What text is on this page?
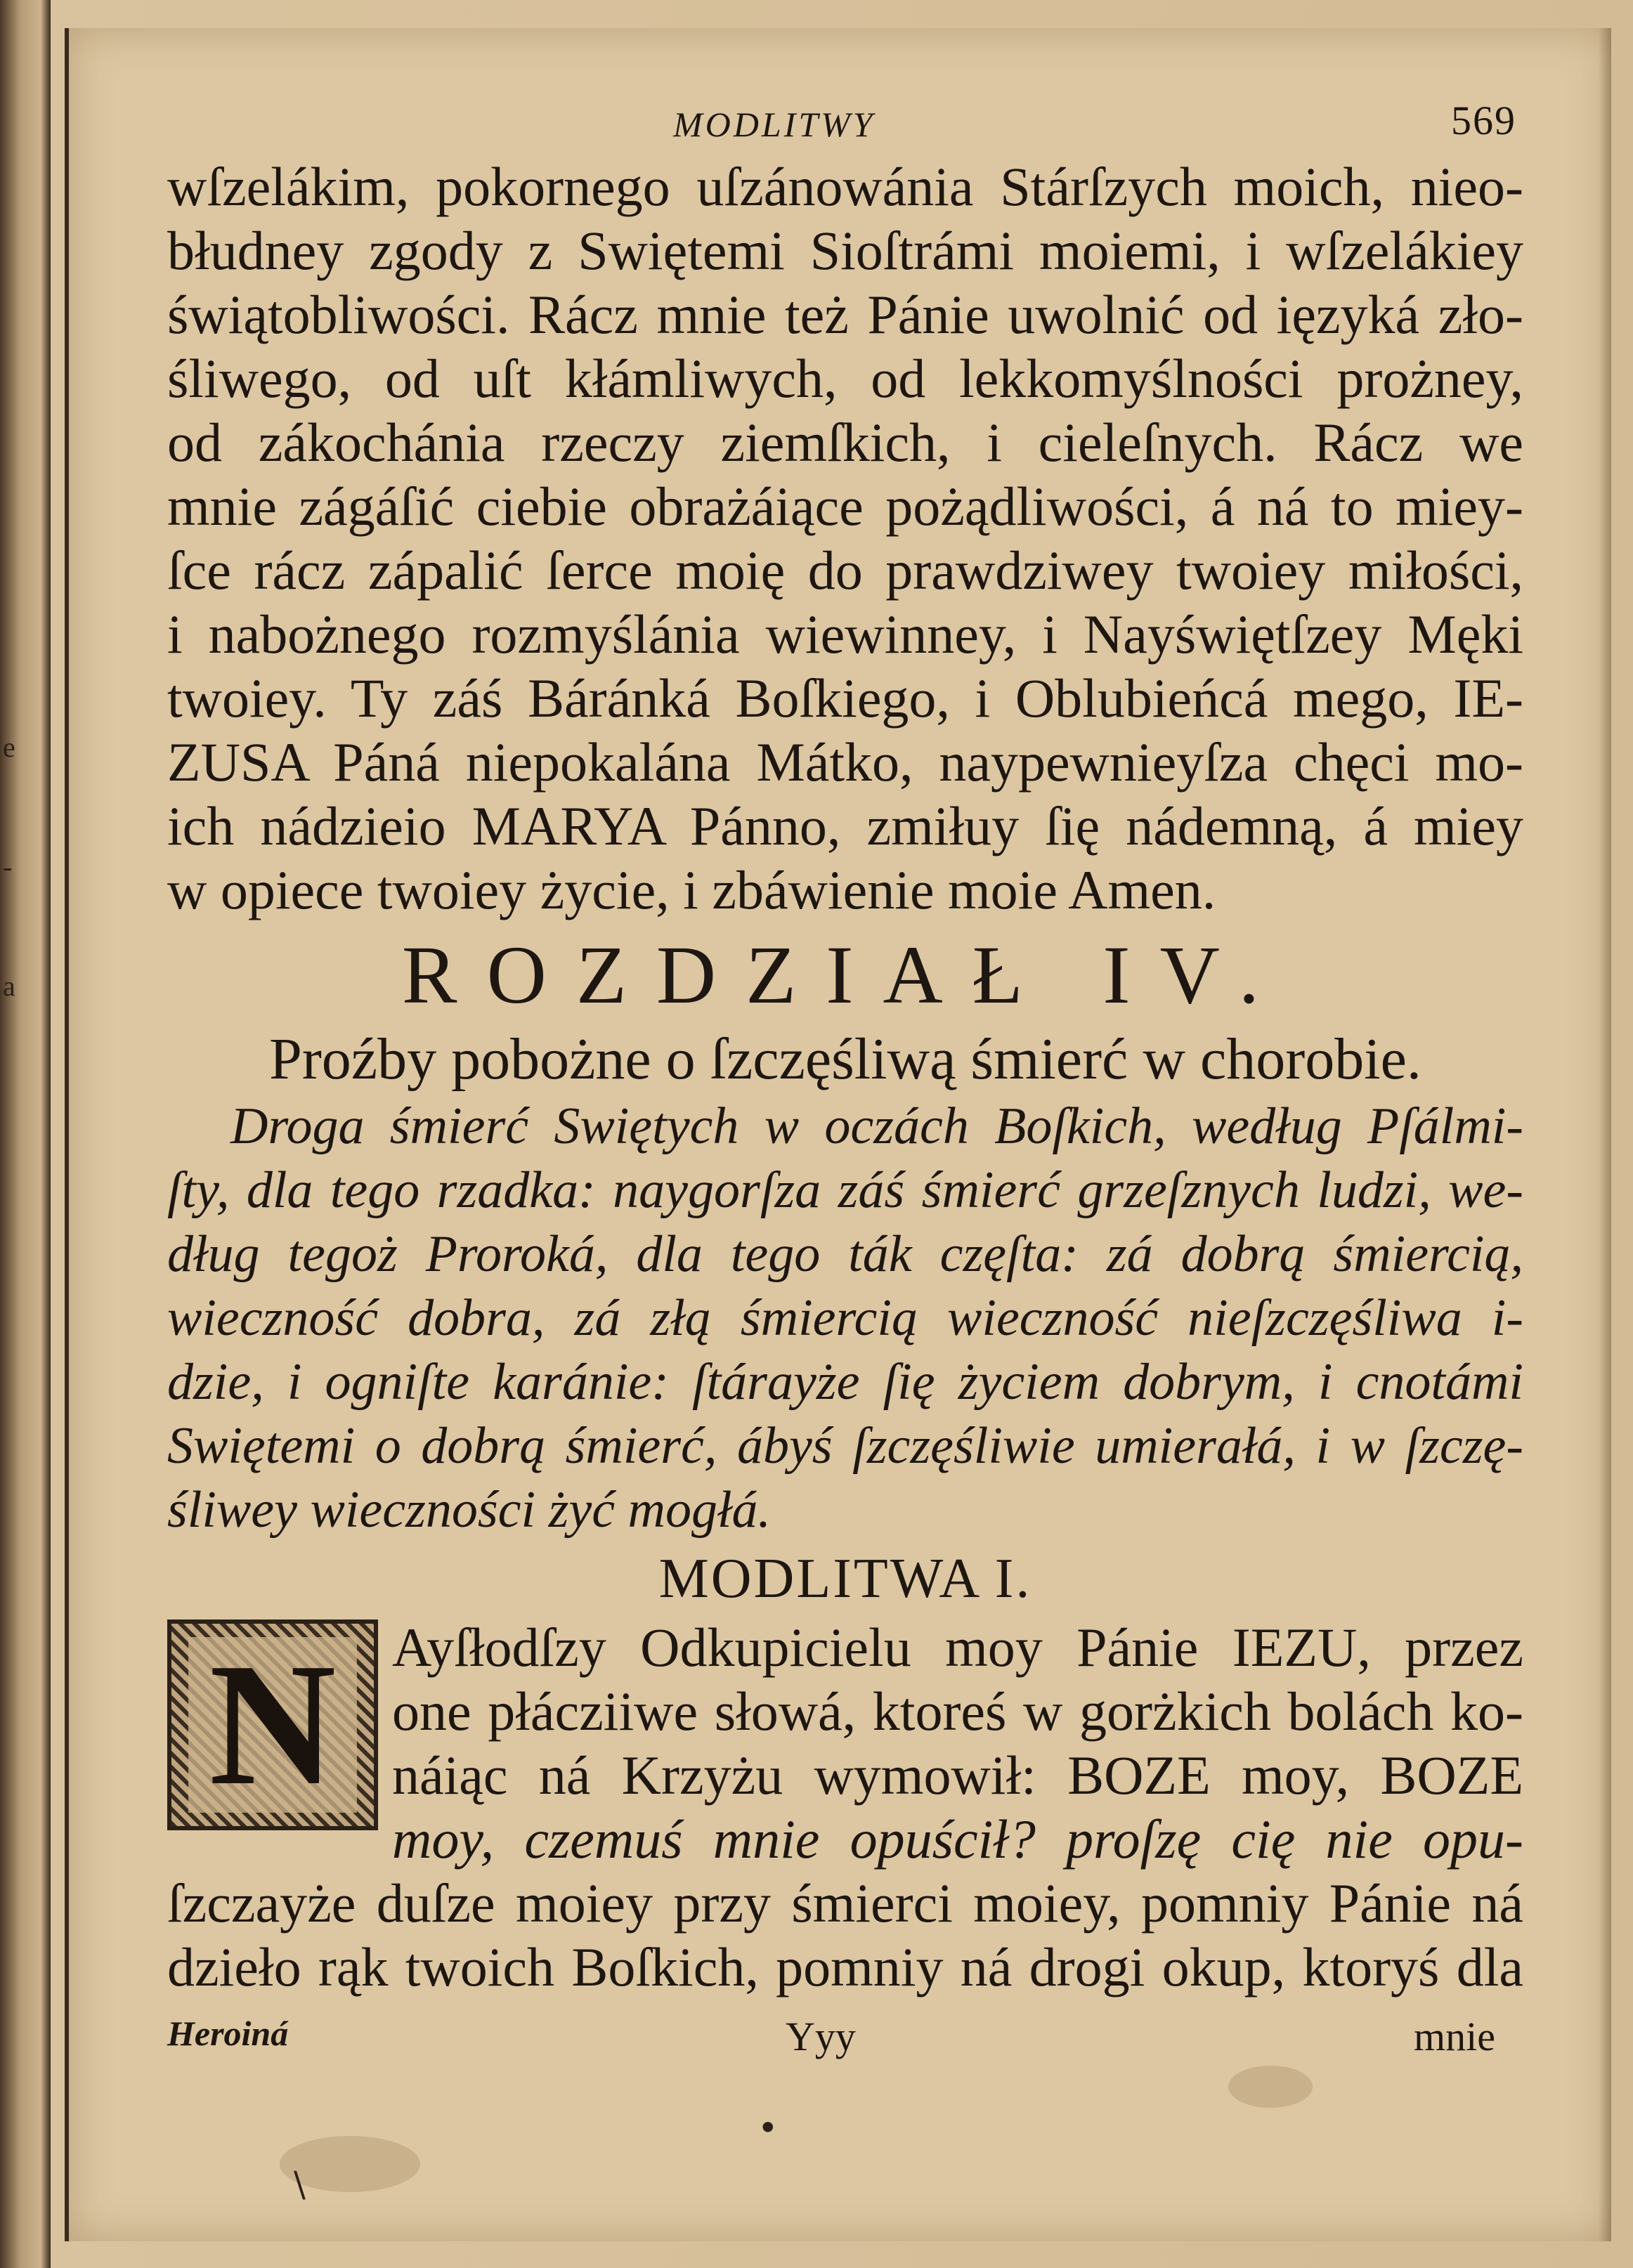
e
-
a
\
•
MODLITWY	569
wſzelákim, pokornego uſzánowánia Stárſzych moich, nieo-
błudney zgody z Swiętemi Sioſtrámi moiemi, i wſzelákiey
świątobliwości. Rácz mnie też Pánie uwolnić od ięzyká zło-
śliwego, od uſt kłámliwych, od lekkomyślności prożney,
od zákochánia rzeczy ziemſkich, i cieleſnych. Rácz we
mnie zágáſić ciebie obrażáiące pożądliwości, á ná to miey-
ſce rácz zápalić ſerce moię do prawdziwey twoiey miłości,
i nabożnego rozmyślánia wiewinney, i Nayświętſzey Męki
twoiey. Ty záś Báránká Boſkiego, i Oblubieńcá mego, IE-
ZUSA Páná niepokalána Mátko, naypewnieyſza chęci mo-
ich nádzieio MARYA Pánno, zmiłuy ſię nádemną, á miey
w opiece twoiey życie, i zbáwienie moie Amen.
ROZDZIAŁ IV.
Proźby pobożne o ſzczęśliwą śmierć w chorobie.
Droga śmierć Swiętych w oczách Boſkich, według Pſálmi-
ſty, dla tego rzadka: naygorſza záś śmierć grzeſznych ludzi, we-
dług tegoż Proroká, dla tego ták częſta: zá dobrą śmiercią,
wieczność dobra, zá złą śmiercią wieczność nieſzczęśliwa i-
dzie, i ogniſte karánie: ſtárayże ſię życiem dobrym, i cnotámi
Swiętemi o dobrą śmierć, ábyś ſzczęśliwie umierałá, i w ſzczę-
śliwey wieczności żyć mogłá.
MODLITWA I.
N	Ayſłodſzy Odkupicielu moy Pánie IEZU, przez
one płácziiwe słowá, ktoreś w gorżkich bolách ko-
náiąc ná Krzyżu wymowił: BOZE moy, BOZE
moy, czemuś mnie opuścił? proſzę cię nie opu-
ſzczayże duſze moiey przy śmierci moiey, pomniy Pánie ná
dzieło rąk twoich Boſkich, pomniy ná drogi okup, ktoryś dla
Heroiná	Yyy	mnie
